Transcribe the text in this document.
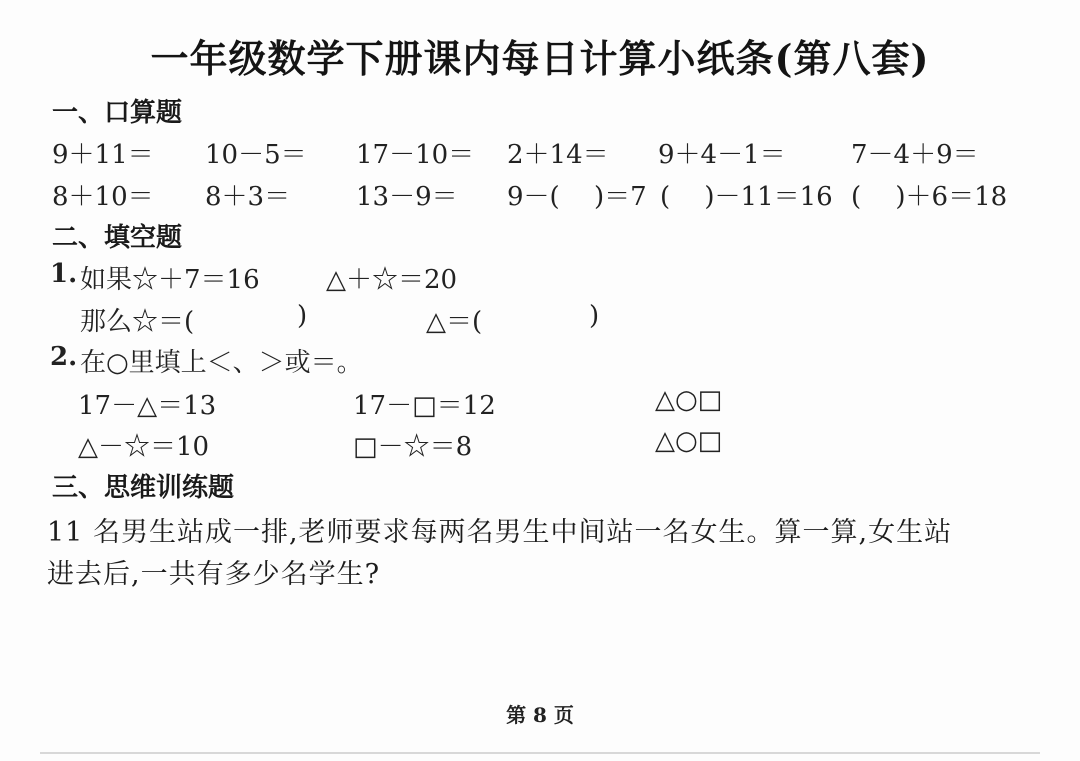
一年级数学下册课内每日计算小纸条(第八套)
一、口算题
9＋11＝ 10－5＝ 17－10＝ 2＋14＝ 9＋4－1＝	7－4＋9＝
8＋10＝ 8＋3＝	13－9＝ 9－(　 )＝7 (　 )－11＝16 (　 )＋6＝18
二、填空题
1. 如果☆＋7＝16	△＋☆＝20
那么☆＝(	)	△＝(	)
2. 在○里填上＜、＞或＝。
17－△＝13	17－□＝12	△○□
△－☆＝10	□－☆＝8	△○□
三、思维训练题
11 名男生站成一排,老师要求每两名男生中间站一名女生。算一算,女生站
进去后,一共有多少名学生?
第 8 页
